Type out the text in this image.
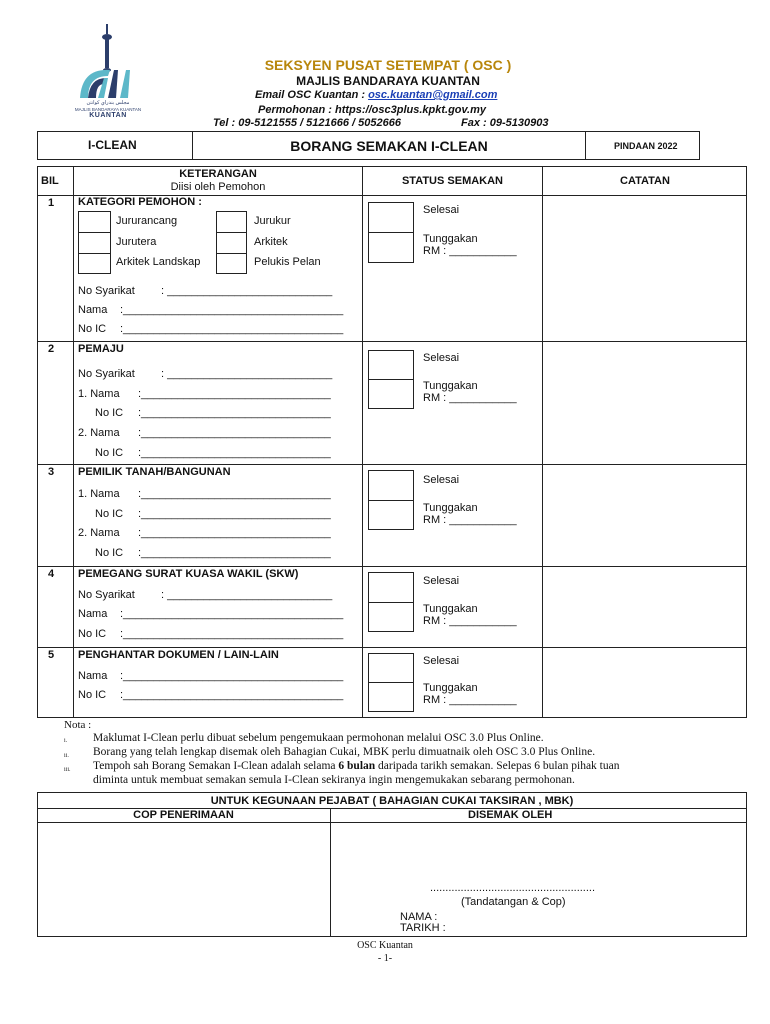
ﻣﺠﻠﺲ ﺑﻨﺪﺭﺍﻱ ﻛﻮﺍﻧﺘن
MAJLIS BANDARAYA KUANTAN
KUANTAN
SEKSYEN PUSAT SETEMPAT ( OSC )
MAJLIS BANDARAYA KUANTAN
Email OSC Kuantan : osc.kuantan@gmail.com
Permohonan : https://osc3plus.kpkt.gov.my
Tel : 09-5121555 / 5121666 / 5052666	Fax : 09-5130903
I-CLEAN	BORANG SEMAKAN I-CLEAN	PINDAAN 2022
BIL
KETERANGAN
Diisi oleh Pemohon	STATUS SEMAKAN	CATATAN
1 KATEGORI PEMOHON :
Jururancang	Jurukur
Jurutera	Arkitek
Arkitek Landskap	Pelukis Pelan
No Syarikat : ___________________________
Nama :____________________________________
No IC :____________________________________
Selesai
Tunggakan
RM : ___________
2 PEMAJU
No Syarikat : ___________________________
1. Nama :_______________________________
No IC :_______________________________
2. Nama :_______________________________
No IC :_______________________________
Selesai
Tunggakan
RM : ___________
3 PEMILIK TANAH/BANGUNAN
1. Nama :_______________________________
No IC :_______________________________
2. Nama :_______________________________
No IC :_______________________________
Selesai
Tunggakan
RM : ___________
4 PEMEGANG SURAT KUASA WAKIL (SKW)
No Syarikat : ___________________________
Nama :____________________________________
No IC :____________________________________
Selesai
Tunggakan
RM : ___________
5 PENGHANTAR DOKUMEN / LAIN-LAIN
Nama :____________________________________
No IC :____________________________________
Selesai
Tunggakan
RM : ___________
Nota :
i. Maklumat I-Clean perlu dibuat sebelum pengemukaan permohonan melalui OSC 3.0 Plus Online.
ii. Borang yang telah lengkap disemak oleh Bahagian Cukai, MBK perlu dimuatnaik oleh OSC 3.0 Plus Online.
iii. Tempoh sah Borang Semakan I-Clean adalah selama 6 bulan daripada tarikh semakan. Selepas 6 bulan pihak tuan
diminta untuk membuat semakan semula I-Clean sekiranya ingin mengemukakan sebarang permohonan.
UNTUK KEGUNAAN PEJABAT ( BAHAGIAN CUKAI TAKSIRAN , MBK)
COP PENERIMAAN	DISEMAK OLEH
......................................................
(Tandatangan & Cop)
NAMA :
TARIKH :
OSC Kuantan
- 1-
